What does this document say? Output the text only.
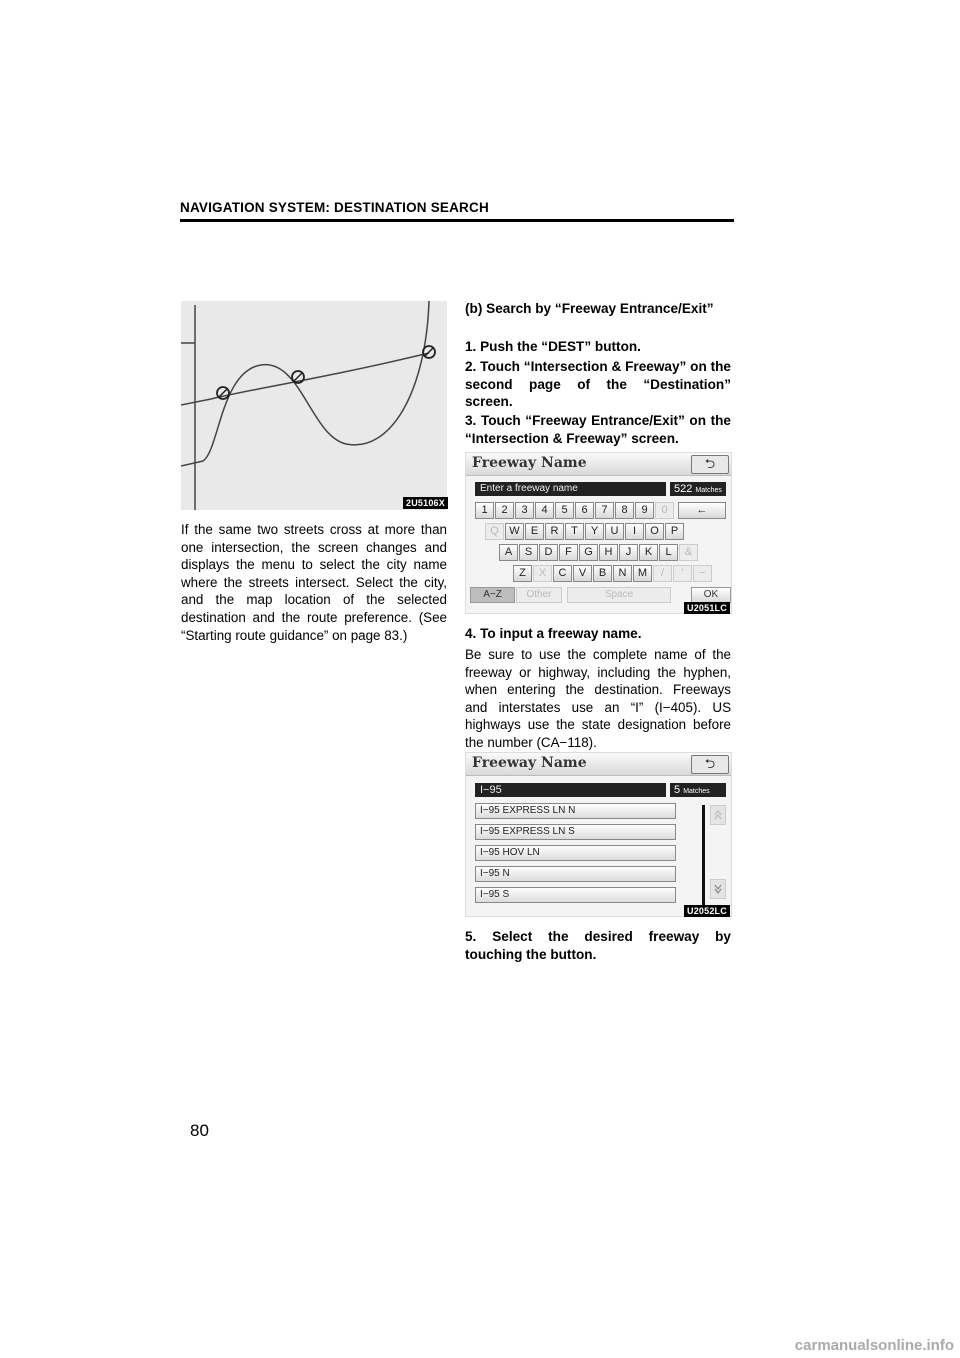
NAVIGATION SYSTEM: DESTINATION SEARCH
2U5106X
If the same two streets cross at more than one intersection, the screen changes and displays the menu to select the city name where the streets intersect. Select the city, and the map location of the selected destination and the route preference. (See “Starting route guidance” on page 83.)
(b) Search by “Freeway Entrance/Exit”
1. Push the “DEST” button.
2. Touch “Intersection & Freeway” on the second page of the “Destination” screen.
3. Touch “Freeway Entrance/Exit” on the “Intersection & Freeway” screen.
Freeway Name	⮌
Enter a freeway name	522 Matches
1	2	3	4	5	6	7	8	9	0
Q W	E	R	T	Y	U	I	O	P
A	S	D	F	G	H	J	K	L	&
Z	X	C	V	B	N	M	/	'	−
←
A−Z	Other	Space	OK
U2051LC
4. To input a freeway name.
Be sure to use the complete name of the freeway or highway, including the hyphen, when entering the destination. Freeways and interstates use an “I” (I−405). US highways use the state designation before the number (CA−118).
Freeway Name	⮌
I−95	5 Matches
I−95 EXPRESS LN N
I−95 EXPRESS LN S
I−95 HOV LN
I−95 N
I−95 S
U2052LC
5. Select the desired freeway by touching the button.
80
carmanualsonline.info
